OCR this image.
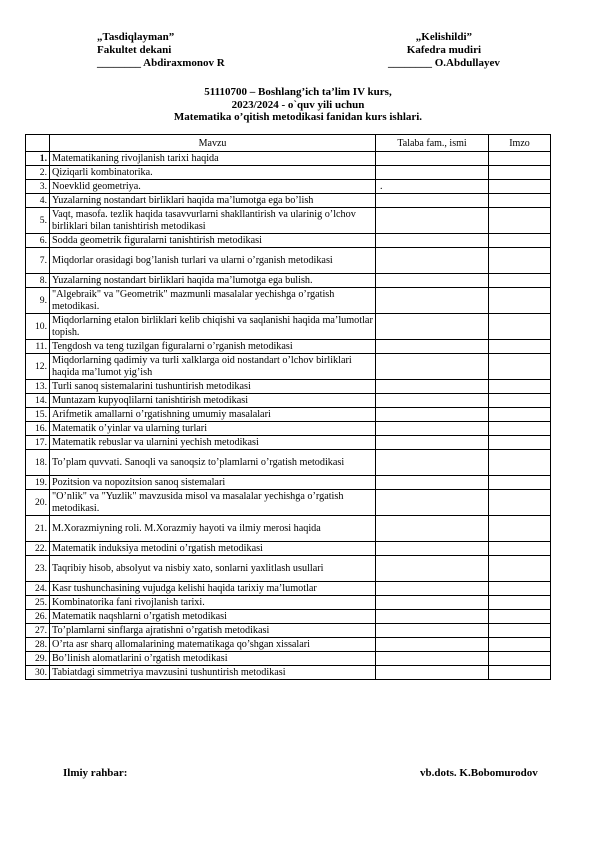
„Tasdiqlayman”
Fakultet dekani
________ Abdiraxmonov R
„Kelishildi”
Kafedra mudiri
________ O.Abdullayev
51110700 – Boshlang’ich ta’lim IV kurs,
2023/2024 - o`quv yili uchun
Matematika o’qitish metodikasi fanidan kurs ishlari.
	Mavzu	Talaba fam., ismi	Imzo
1.	Matematikaning rivojlanish tarixi haqida		
2.	Qiziqarli kombinatorika.		
3.	Noevklid geometriya.	.	
4.	Yuzalarning nostandart birliklari haqida ma’lumotga ega bo’lish		
5.	Vaqt, masofa. tezlik haqida tasavvurlarni shakllantirish va ularinig o’lchov birliklari bilan tanishtirish metodikasi		
6.	Sodda geometrik figuralarni tanishtirish metodikasi		
7.	Miqdorlar orasidagi bog’lanish turlari va ularni o’rganish metodikasi		
8.	Yuzalarning nostandart birliklari haqida ma’lumotga ega bulish.		
9.	"Algebraik" va "Geometrik" mazmunli masalalar yechishga o’rgatish metodikasi.		
10.	Miqdorlarning etalon birliklari kelib chiqishi va saqlanishi haqida ma’lumotlar topish.		
11.	Tengdosh va teng tuzilgan figuralarni o’rganish metodikasi		
12.	Miqdorlarning qadimiy va turli xalklarga oid nostandart o’lchov birliklari haqida ma’lumot yig’ish		
13.	Turli sanoq sistemalarini tushuntirish metodikasi		
14.	Muntazam kupyoqlilarni tanishtirish metodikasi		
15.	Arifmetik amallarni o’rgatishning umumiy masalalari		
16.	Matematik o’yinlar va ularning turlari		
17.	Matematik rebuslar va ularnini yechish metodikasi		
18.	To’plam quvvati. Sanoqli va sanoqsiz to’plamlarni o’rgatish metodikasi		
19.	Pozitsion va nopozitsion sanoq sistemalari		
20.	"O’nlik" va "Yuzlik" mavzusida misol va masalalar yechishga o’rgatish metodikasi.		
21.	M.Xorazmiyning roli. M.Xorazmiy hayoti va ilmiy merosi haqida		
22.	Matematik induksiya metodini o’rgatish metodikasi		
23.	Taqribiy hisob, absolyut va nisbiy xato, sonlarni yaxlitlash usullari		
24.	Kasr tushunchasining vujudga kelishi haqida tarixiy ma’lumotlar		
25.	Kombinatorika fani rivojlanish tarixi.		
26.	Matematik naqshlarni o’rgatish metodikasi		
27.	To’plamlarni sinflarga ajratishni o’rgatish metodikasi		
28.	O’rta asr sharq allomalarining matematikaga qo’shgan xissalari		
29.	Bo’linish alomatlarini o’rgatish metodikasi		
30.	Tabiatdagi simmetriya mavzusini tushuntirish metodikasi		
Ilmiy rahbar:	vb.dots. K.Bobomurodov
